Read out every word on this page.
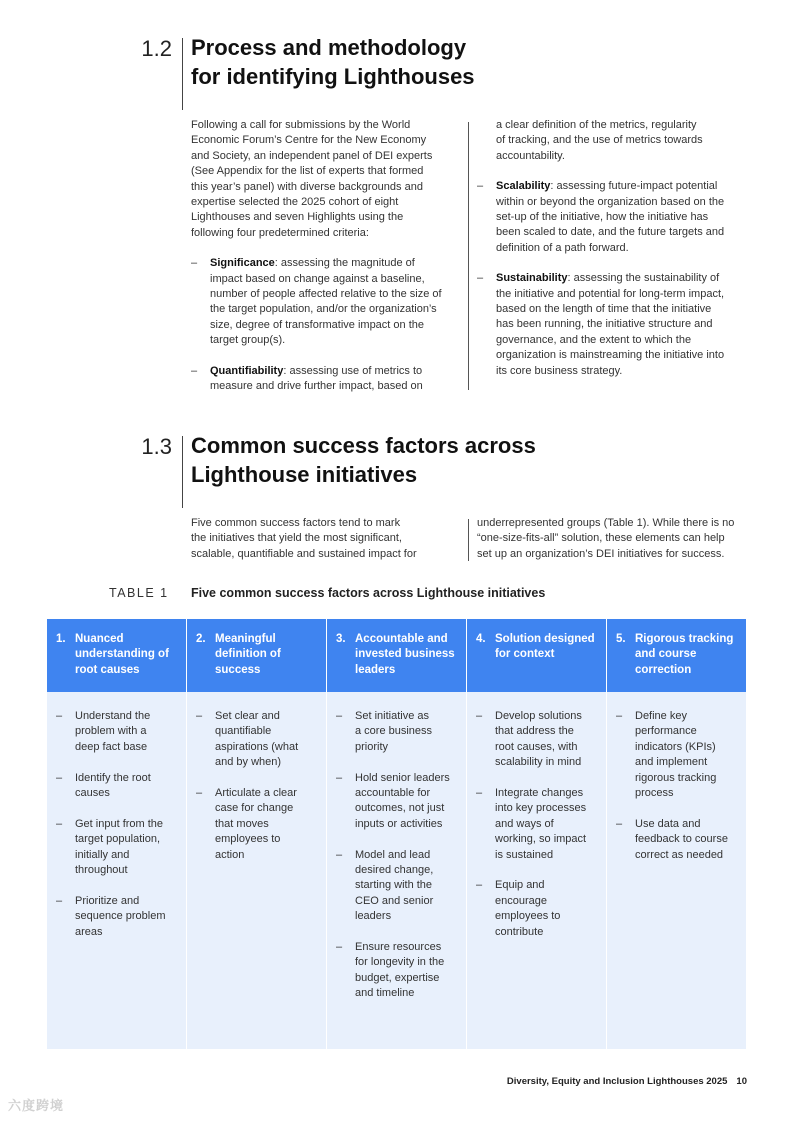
1.2 Process and methodology
for identifying Lighthouses
Following a call for submissions by the World
Economic Forum’s Centre for the New Economy
and Society, an independent panel of DEI experts
(See Appendix for the list of experts that formed
this year’s panel) with diverse backgrounds and
expertise selected the 2025 cohort of eight
Lighthouses and seven Highlights using the
following four predetermined criteria:
– Significance: assessing the magnitude of
impact based on change against a baseline,
number of people affected relative to the size of
the target population, and/or the organization’s
size, degree of transformative impact on the
target group(s).
– Quantifiability: assessing use of metrics to
measure and drive further impact, based on
a clear definition of the metrics, regularity
of tracking, and the use of metrics towards
accountability.
– Scalability: assessing future-impact potential
within or beyond the organization based on the
set-up of the initiative, how the initiative has
been scaled to date, and the future targets and
definition of a path forward.
– Sustainability: assessing the sustainability of
the initiative and potential for long-term impact,
based on the length of time that the initiative
has been running, the initiative structure and
governance, and the extent to which the
organization is mainstreaming the initiative into
its core business strategy.
1.3 Common success factors across
Lighthouse initiatives
Five common success factors tend to mark
the initiatives that yield the most significant,
scalable, quantifiable and sustained impact for
underrepresented groups (Table 1). While there is no
“one-size-fits-all” solution, these elements can help
set up an organization’s DEI initiatives for success.
TABLE 1 Five common success factors across Lighthouse initiatives
1. Nuanced
understanding of
root causes
– Understand the
problem with a
deep fact base
– Identify the root
causes
– Get input from the
target population,
initially and
throughout
– Prioritize and
sequence problem
areas
2. Meaningful
definition of
success
– Set clear and
quantifiable
aspirations (what
and by when)
– Articulate a clear
case for change
that moves
employees to
action
3. Accountable and
invested business
leaders
– Set initiative as
a core business
priority
– Hold senior leaders
accountable for
outcomes, not just
inputs or activities
– Model and lead
desired change,
starting with the
CEO and senior
leaders
– Ensure resources
for longevity in the
budget, expertise
and timeline
4. Solution designed
for context
– Develop solutions
that address the
root causes, with
scalability in mind
– Integrate changes
into key processes
and ways of
working, so impact
is sustained
– Equip and
encourage
employees to
contribute
5. Rigorous tracking
and course
correction
– Define key
performance
indicators (KPIs)
and implement
rigorous tracking
process
– Use data and
feedback to course
correct as needed
Diversity, Equity and Inclusion Lighthouses 2025 10
六度跨境
